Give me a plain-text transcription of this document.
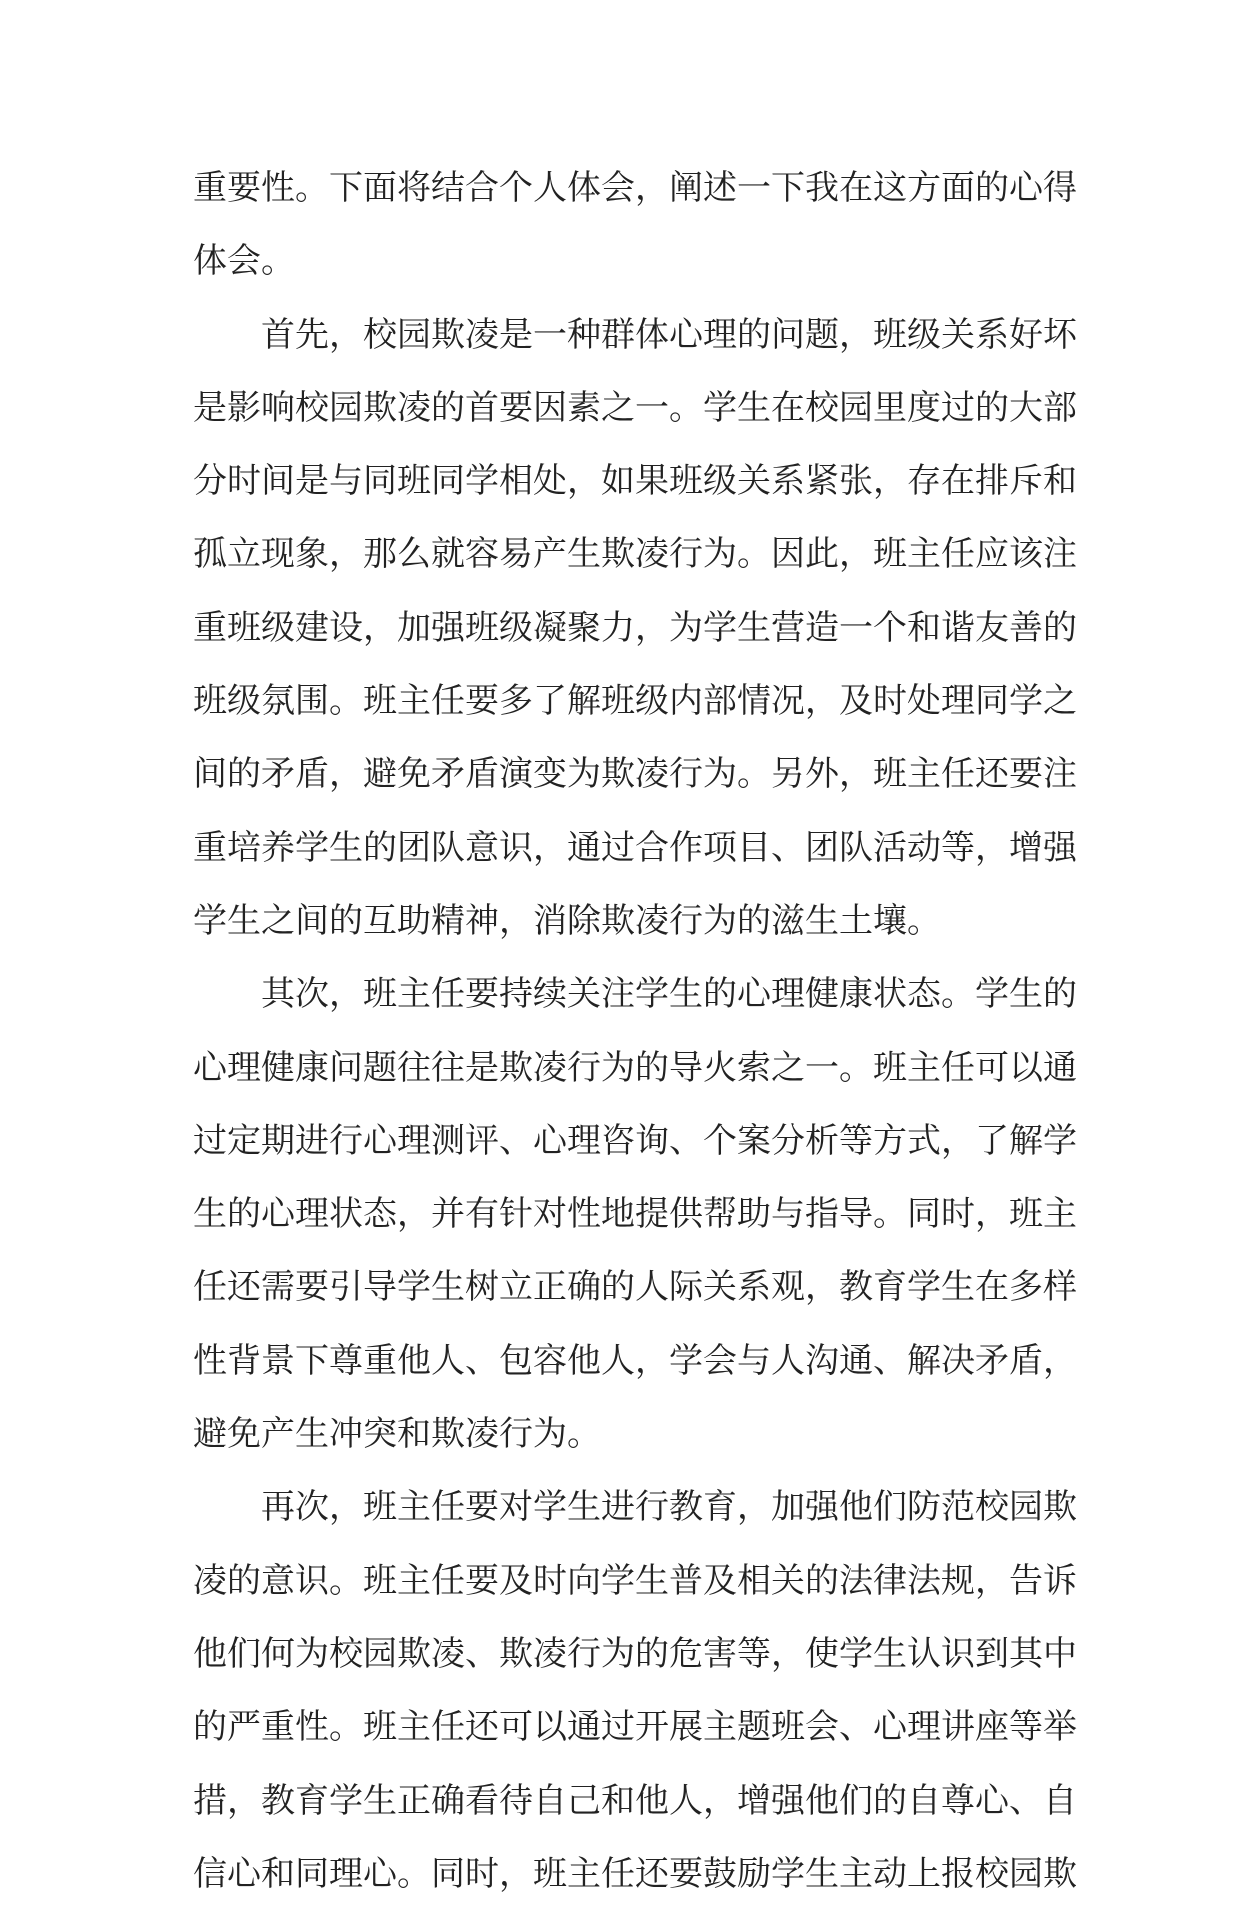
重要性。下面将结合个人体会，阐述一下我在这方面的心得
体会。
首先，校园欺凌是一种群体心理的问题，班级关系好坏
是影响校园欺凌的首要因素之一。学生在校园里度过的大部
分时间是与同班同学相处，如果班级关系紧张，存在排斥和
孤立现象，那么就容易产生欺凌行为。因此，班主任应该注
重班级建设，加强班级凝聚力，为学生营造一个和谐友善的
班级氛围。班主任要多了解班级内部情况，及时处理同学之
间的矛盾，避免矛盾演变为欺凌行为。另外，班主任还要注
重培养学生的团队意识，通过合作项目、团队活动等，增强
学生之间的互助精神，消除欺凌行为的滋生土壤。
其次，班主任要持续关注学生的心理健康状态。学生的
心理健康问题往往是欺凌行为的导火索之一。班主任可以通
过定期进行心理测评、心理咨询、个案分析等方式，了解学
生的心理状态，并有针对性地提供帮助与指导。同时，班主
任还需要引导学生树立正确的人际关系观，教育学生在多样
性背景下尊重他人、包容他人，学会与人沟通、解决矛盾，
避免产生冲突和欺凌行为。
再次，班主任要对学生进行教育，加强他们防范校园欺
凌的意识。班主任要及时向学生普及相关的法律法规，告诉
他们何为校园欺凌、欺凌行为的危害等，使学生认识到其中
的严重性。班主任还可以通过开展主题班会、心理讲座等举
措，教育学生正确看待自己和他人，增强他们的自尊心、自
信心和同理心。同时，班主任还要鼓励学生主动上报校园欺
